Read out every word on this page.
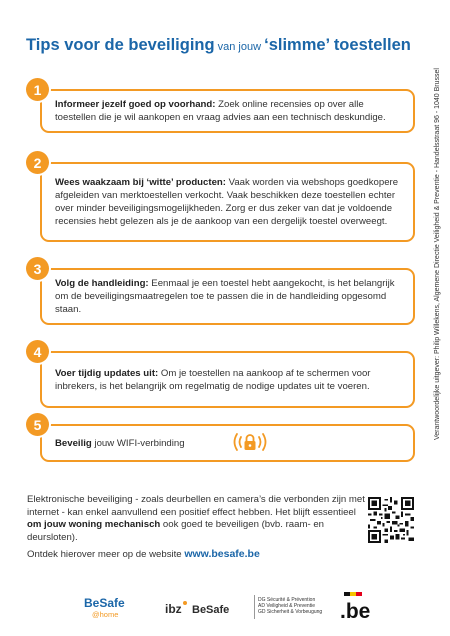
Tips voor de beveiliging van jouw ‘slimme’ toestellen
Informeer jezelf goed op voorhand: Zoek online recensies op over alle toestellen die je wil aankopen en vraag advies aan een technisch deskundige.
1
Wees waakzaam bij ‘witte’ producten: Vaak worden via webshops goedkopere afgeleiden van merktoestellen verkocht. Vaak beschikken deze toestellen echter over minder beveiligingsmogelijkheden. Zorg er dus zeker van dat je voldoende recensies hebt gelezen als je de aankoop van een dergelijk toestel overweegt.
2
Volg de handleiding: Eenmaal je een toestel hebt aangekocht, is het belangrijk om de beveiligingsmaatregelen toe te passen die in de handleiding opgesomd staan.
3
Voer tijdig updates uit: Om je toestellen na aankoop af te schermen voor inbrekers, is het belangrijk om regelmatig de nodige updates uit te voeren.
4
Beveilig jouw WIFI-verbinding
5
Elektronische beveiliging - zoals deurbellen en camera’s die verbonden zijn met internet - kan enkel aanvullend een positief effect hebben. Het blijft essentieel om jouw woning mechanisch ook goed te beveiligen (bvb. raam- en deursloten).
Ontdek hierover meer op de website www.besafe.be
Verantwoordelijke uitgever: Philip Willekens, Algemene Directie Veiligheid & Preventie - Handelsstraat 96 - 1040 Brussel
BeSafe
@home	ibz BeSafe
DG Sécurité & Prévention
AD Veiligheid & Preventie
GD Sicherheit & Vorbeugung .be
